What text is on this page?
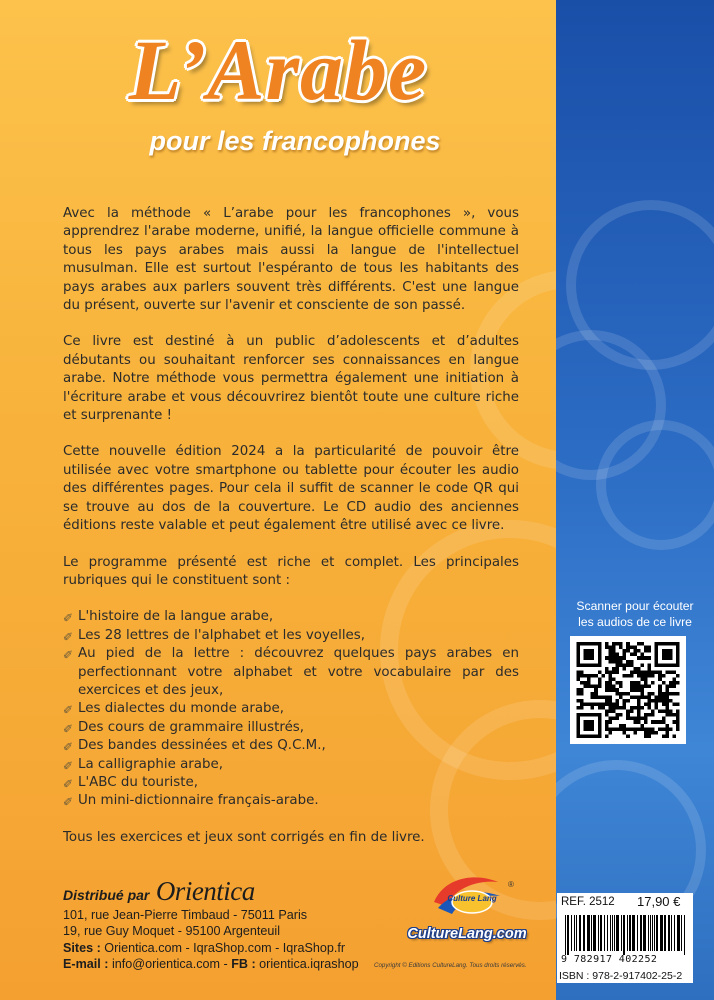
L’Arabe
pour les francophones

Avec la méthode « L’arabe pour les francophones », vous apprendrez l'arabe moderne, unifié, la langue officielle commune à tous les pays arabes mais aussi la langue de l'intellectuel musulman. Elle est surtout l'espéranto de tous les habitants des pays arabes aux parlers souvent très différents. C'est une langue du présent, ouverte sur l'avenir et consciente de son passé.

Ce livre est destiné à un public d’adolescents et d’adultes débutants ou souhaitant renforcer ses connaissances en langue arabe. Notre méthode vous permettra également une initiation à l'écriture arabe et vous découvrirez bientôt toute une culture riche et surprenante !

Cette nouvelle édition 2024 a la particularité de pouvoir être utilisée avec votre smartphone ou tablette pour écouter les audio des différentes pages. Pour cela il suffit de scanner le code QR qui se trouve au dos de la couverture. Le CD audio des anciennes éditions reste valable et peut également être utilisé avec ce livre.

Le programme présenté est riche et complet. Les principales rubriques qui le constituent sont :

✐ L'histoire de la langue arabe,
✐ Les 28 lettres de l'alphabet et les voyelles,
✐ Au pied de la lettre : découvrez quelques pays arabes en perfectionnant votre alphabet et votre vocabulaire par des exercices et des jeux,
✐ Les dialectes du monde arabe,
✐ Des cours de grammaire illustrés,
✐ Des bandes dessinées et des Q.C.M.,
✐ La calligraphie arabe,
✐ L'ABC du touriste,
✐ Un mini-dictionnaire français-arabe.

Tous les exercices et jeux sont corrigés en fin de livre.

Distribué par Orientica
101, rue Jean-Pierre Timbaud - 75011 Paris
19, rue Guy Moquet - 95100 Argenteuil
Sites : Orientica.com - IqraShop.com - IqraShop.fr
E-mail : info@orientica.com - FB : orientica.iqrashop
Culture Lang
®
CultureLang.com
Copyright © Editions CultureLang. Tous droits réservés.
Scanner pour écouter
les audios de ce livre
REF. 2512 17,90 €
9 782917 402252
ISBN : 978-2-917402-25-2
